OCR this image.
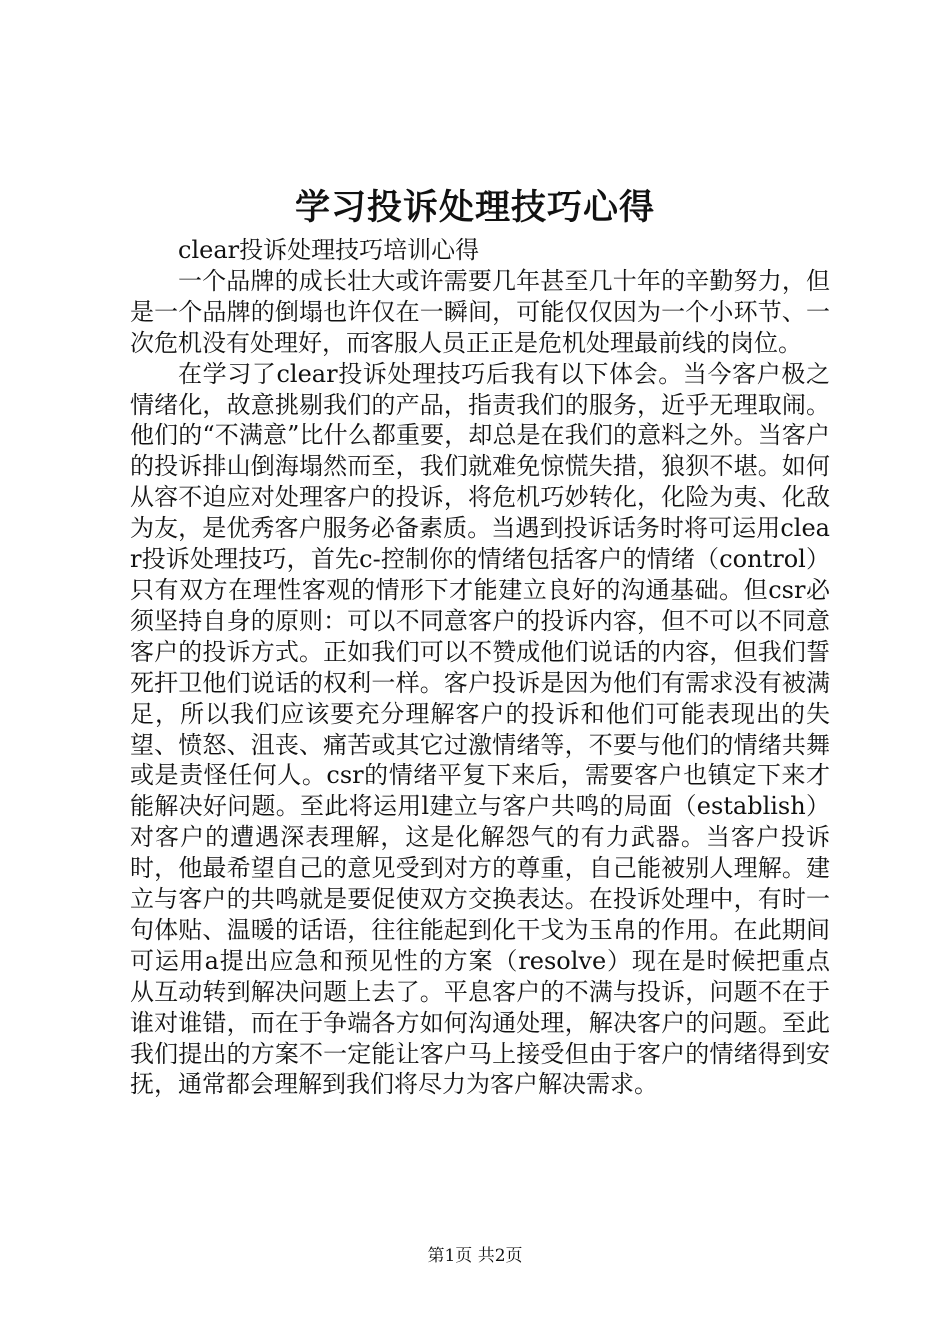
学习投诉处理技巧心得

clear投诉处理技巧培训心得

一个品牌的成长壮大或许需要几年甚至几十年的辛勤努力，但是一个品牌的倒塌也许仅在一瞬间，可能仅仅因为一个小环节、一次危机没有处理好，而客服人员正正是危机处理最前线的岗位。

在学习了clear投诉处理技巧后我有以下体会。当今客户极之情绪化，故意挑剔我们的产品，指责我们的服务，近乎无理取闹。他们的“不满意”比什么都重要，却总是在我们的意料之外。当客户的投诉排山倒海塌然而至，我们就难免惊慌失措，狼狈不堪。如何从容不迫应对处理客户的投诉，将危机巧妙转化，化险为夷、化敌为友，是优秀客户服务必备素质。当遇到投诉话务时将可运用clear投诉处理技巧，首先c-控制你的情绪包括客户的情绪（control）只有双方在理性客观的情形下才能建立良好的沟通基础。但csr必须坚持自身的原则：可以不同意客户的投诉内容，但不可以不同意客户的投诉方式。正如我们可以不赞成他们说话的内容，但我们誓死扞卫他们说话的权利一样。客户投诉是因为他们有需求没有被满足，所以我们应该要充分理解客户的投诉和他们可能表现出的失望、愤怒、沮丧、痛苦或其它过激情绪等，不要与他们的情绪共舞或是责怪任何人。csr的情绪平复下来后，需要客户也镇定下来才能解决好问题。至此将运用l建立与客户共鸣的局面（establish）对客户的遭遇深表理解，这是化解怨气的有力武器。当客户投诉时，他最希望自己的意见受到对方的尊重，自己能被别人理解。建立与客户的共鸣就是要促使双方交换表达。在投诉处理中，有时一句体贴、温暖的话语，往往能起到化干戈为玉帛的作用。在此期间可运用a提出应急和预见性的方案（resolve）现在是时候把重点从互动转到解决问题上去了。平息客户的不满与投诉，问题不在于谁对谁错，而在于争端各方如何沟通处理，解决客户的问题。至此我们提出的方案不一定能让客户马上接受但由于客户的情绪得到安抚，通常都会理解到我们将尽力为客户解决需求。

第1页 共2页
